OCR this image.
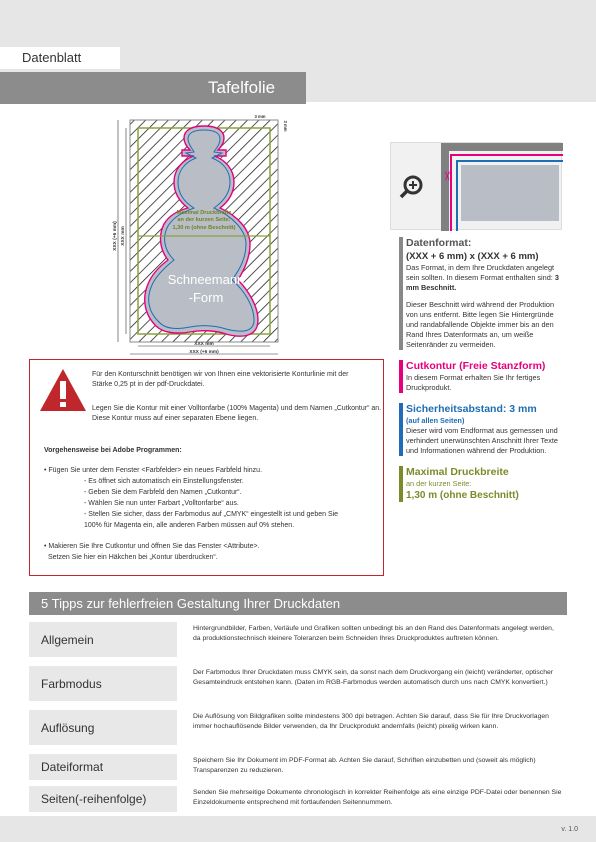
Datenblatt
Tafelfolie
Maximal Druckbreite
an der kurzen Seite:
1,30 m (ohne Beschnitt)
Schneemann
-Form
XXX mm
XXX (+6 mm)
XXX mm
XXX (+6 mm)
3 mm
3 mm
✂
Datenformat:
(XXX + 6 mm) x (XXX + 6 mm)
Das Format, in dem Ihre Druckdaten angelegt sein sollten. In diesem Format enthalten sind: 3 mm Beschnitt.
Dieser Beschnitt wird während der Produktion von uns entfernt. Bitte legen Sie Hintergründe und randabfallende Objekte immer bis an den Rand Ihres Datenformats an, um weiße Seitenränder zu vermeiden.
Cutkontur (Freie Stanzform)
In diesem Format erhalten Sie Ihr fertiges Druckprodukt.
Sicherheitsabstand: 3 mm
(auf allen Seiten)
Dieser wird vom Endformat aus gemessen und verhindert unerwünschten Anschnitt Ihrer Texte und Informationen während der Produktion.
Maximal Druckbreite
an der kurzen Seite:
1,30 m (ohne Beschnitt)
Für den Konturschnitt benötigen wir von Ihnen eine vektorisierte Konturlinie mit der Stärke 0,25 pt in der pdf-Druckdatei.
Legen Sie die Kontur mit einer Volltonfarbe (100% Magenta) und dem Namen „Cutkontur“ an. Diese Kontur muss auf einer separaten Ebene liegen.
Vorgehensweise bei Adobe Programmen:
• Fügen Sie unter dem Fenster <Farbfelder> ein neues Farbfeld hinzu.
- Es öffnet sich automatisch ein Einstellungsfenster.
- Geben Sie dem Farbfeld den Namen „Cutkontur“.
- Wählen Sie nun unter Farbart „Volltonfarbe“ aus.
- Stellen Sie sicher, dass der Farbmodus auf „CMYK“ eingestellt ist und geben Sie
100% für Magenta ein, alle anderen Farben müssen auf 0% stehen.
• Makieren Sie Ihre Cutkontur und öffnen Sie das Fenster <Attribute>.
Setzen Sie hier ein Häkchen bei „Kontur überdrucken“.
5 Tipps zur fehlerfreien Gestaltung Ihrer Druckdaten
Allgemein
Hintergrundbilder, Farben, Verläufe und Grafiken sollten unbedingt bis an den Rand des Datenformats angelegt werden, da produktionstechnisch kleinere Toleranzen beim Schneiden Ihres Druckproduktes auftreten können.
Farbmodus
Der Farbmodus Ihrer Druckdaten muss CMYK sein, da sonst nach dem Druckvorgang ein (leicht) veränderter, optischer Gesamteindruck entstehen kann. (Daten im RGB-Farbmodus werden automatisch durch uns nach CMYK konvertiert.)
Auflösung
Die Auflösung von Bildgrafiken sollte mindestens 300 dpi betragen. Achten Sie darauf, dass Sie für Ihre Druckvorlagen immer hochauflösende Bilder verwenden, da Ihr Druckprodukt andernfalls (leicht) pixelig wirken kann.
Dateiformat	Speichern Sie Ihr Dokument im PDF-Format ab. Achten Sie darauf, Schriften einzubetten und (soweit als möglich) Transparenzen zu reduzieren.
Seiten(-reihenfolge)	Senden Sie mehrseitige Dokumente chronologisch in korrekter Reihenfolge als eine einzige PDF-Datei oder benennen Sie Einzeldokumente entsprechend mit fortlaufenden Seitennummern.
v. 1.0
